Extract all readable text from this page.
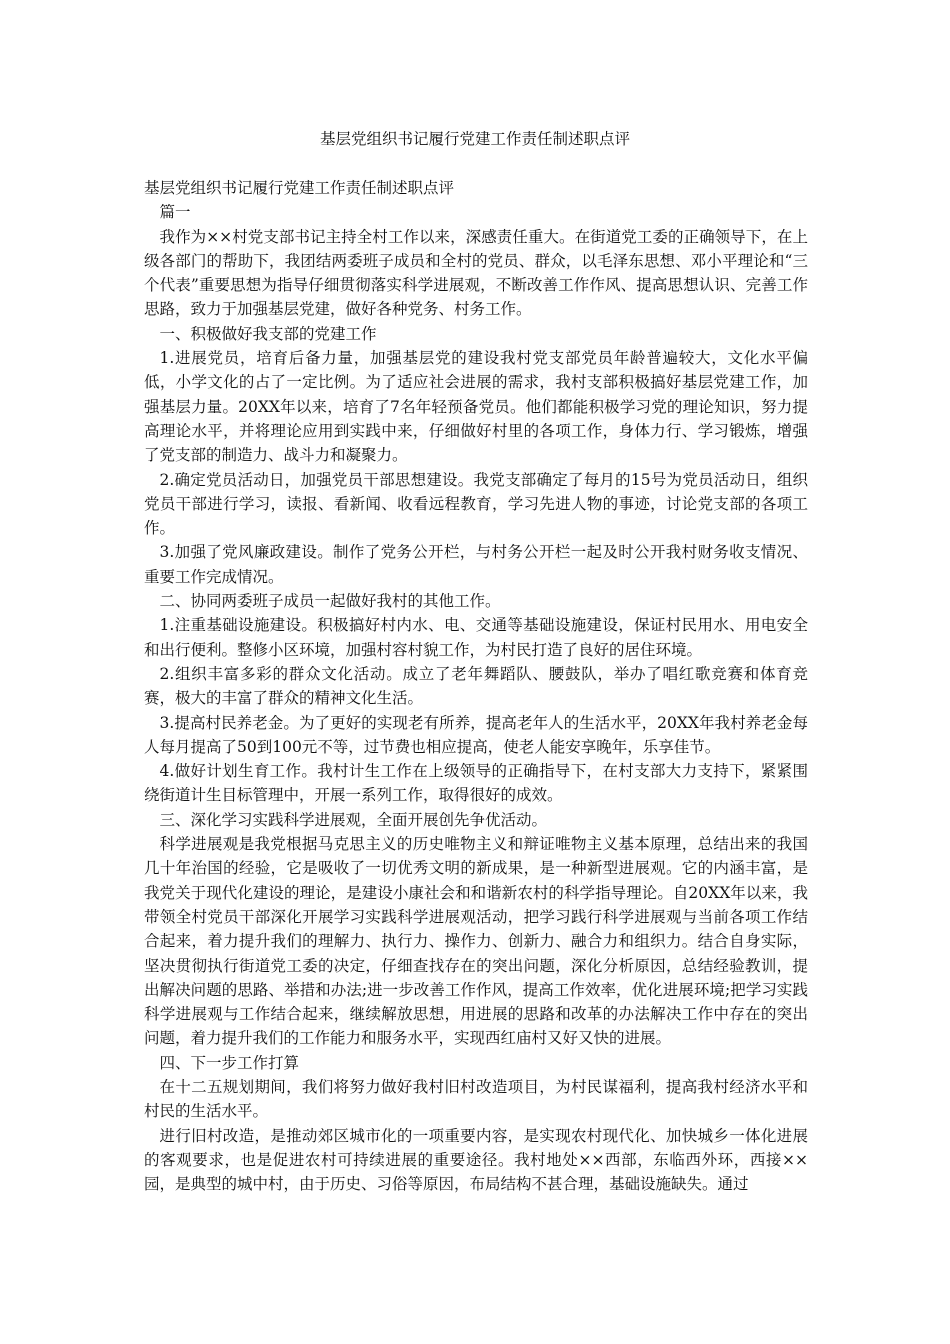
基层党组织书记履行党建工作责任制述职点评

基层党组织书记履行党建工作责任制述职点评

篇一

我作为××村党支部书记主持全村工作以来，深感责任重大。在街道党工委的正确领导下，在上级各部门的帮助下，我团结两委班子成员和全村的党员、群众，以毛泽东思想、邓小平理论和“三个代表”重要思想为指导仔细贯彻落实科学进展观，不断改善工作作风、提高思想认识、完善工作思路，致力于加强基层党建，做好各种党务、村务工作。

一、积极做好我支部的党建工作

1.进展党员，培育后备力量，加强基层党的建设我村党支部党员年龄普遍较大，文化水平偏低，小学文化的占了一定比例。为了适应社会进展的需求，我村支部积极搞好基层党建工作，加强基层力量。20XX年以来，培育了7名年轻预备党员。他们都能积极学习党的理论知识，努力提高理论水平，并将理论应用到实践中来，仔细做好村里的各项工作，身体力行、学习锻炼，增强了党支部的制造力、战斗力和凝聚力。

2.确定党员活动日，加强党员干部思想建设。我党支部确定了每月的15号为党员活动日，组织党员干部进行学习，读报、看新闻、收看远程教育，学习先进人物的事迹，讨论党支部的各项工作。

3.加强了党风廉政建设。制作了党务公开栏，与村务公开栏一起及时公开我村财务收支情况、重要工作完成情况。

二、协同两委班子成员一起做好我村的其他工作。

1.注重基础设施建设。积极搞好村内水、电、交通等基础设施建设，保证村民用水、用电安全和出行便利。整修小区环境，加强村容村貌工作，为村民打造了良好的居住环境。

2.组织丰富多彩的群众文化活动。成立了老年舞蹈队、腰鼓队，举办了唱红歌竞赛和体育竞赛，极大的丰富了群众的精神文化生活。

3.提高村民养老金。为了更好的实现老有所养，提高老年人的生活水平，20XX年我村养老金每人每月提高了50到100元不等，过节费也相应提高，使老人能安享晚年，乐享佳节。

4.做好计划生育工作。我村计生工作在上级领导的正确指导下，在村支部大力支持下，紧紧围绕街道计生目标管理中，开展一系列工作，取得很好的成效。

三、深化学习实践科学进展观，全面开展创先争优活动。

科学进展观是我党根据马克思主义的历史唯物主义和辩证唯物主义基本原理，总结出来的我国几十年治国的经验，它是吸收了一切优秀文明的新成果，是一种新型进展观。它的内涵丰富，是我党关于现代化建设的理论，是建设小康社会和和谐新农村的科学指导理论。自20XX年以来，我带领全村党员干部深化开展学习实践科学进展观活动，把学习践行科学进展观与当前各项工作结合起来，着力提升我们的理解力、执行力、操作力、创新力、融合力和组织力。结合自身实际，坚决贯彻执行街道党工委的决定，仔细查找存在的突出问题，深化分析原因，总结经验教训，提出解决问题的思路、举措和办法;进一步改善工作作风，提高工作效率，优化进展环境;把学习实践科学进展观与工作结合起来，继续解放思想，用进展的思路和改革的办法解决工作中存在的突出问题，着力提升我们的工作能力和服务水平，实现西红庙村又好又快的进展。

四、下一步工作打算

在十二五规划期间，我们将努力做好我村旧村改造项目，为村民谋福利，提高我村经济水平和村民的生活水平。

进行旧村改造，是推动郊区城市化的一项重要内容，是实现农村现代化、加快城乡一体化进展的客观要求，也是促进农村可持续进展的重要途径。我村地处××西部，东临西外环，西接××园，是典型的城中村，由于历史、习俗等原因，布局结构不甚合理，基础设施缺失。通过
